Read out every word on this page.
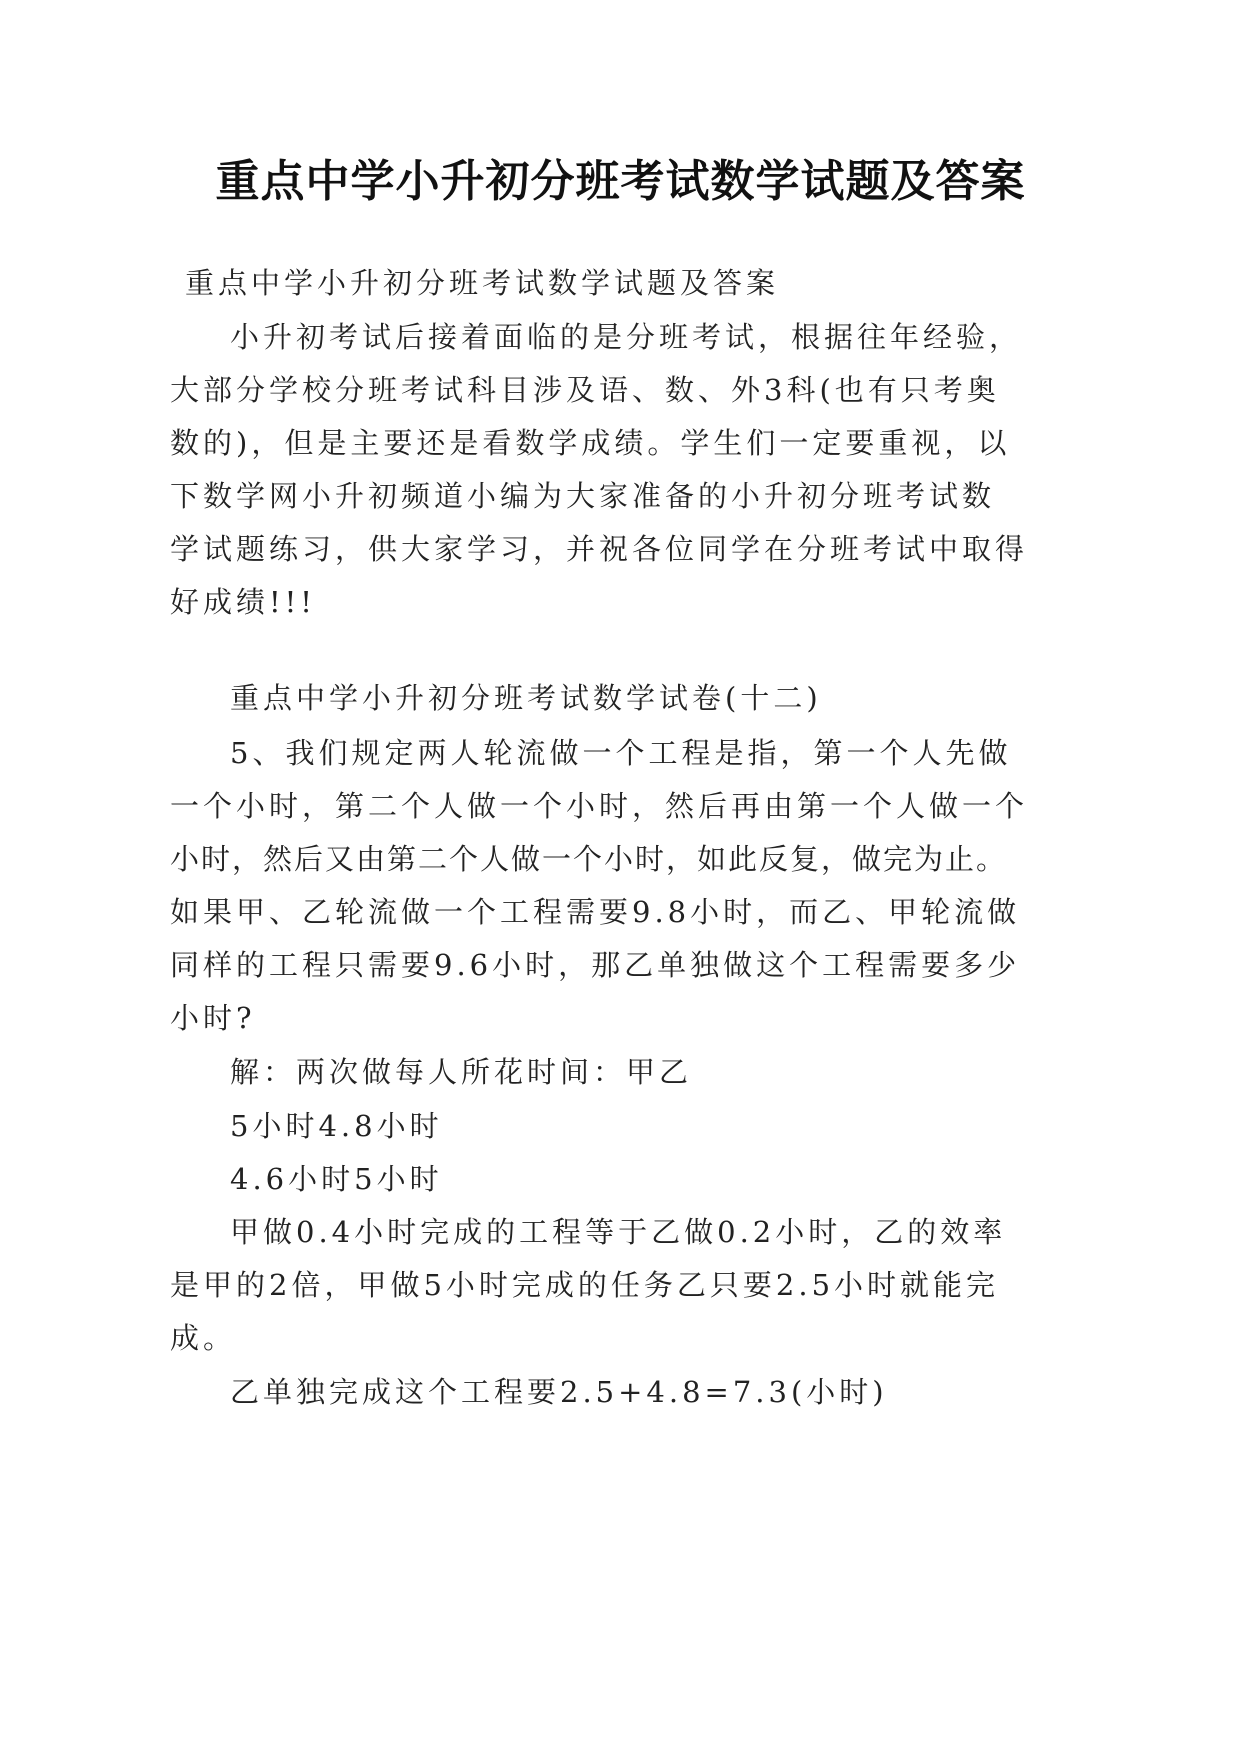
重点中学小升初分班考试数学试题及答案
重点中学小升初分班考试数学试题及答案
小升初考试后接着面临的是分班考试，根据往年经验，
大部分学校分班考试科目涉及语、数、外3科(也有只考奥
数的)，但是主要还是看数学成绩。学生们一定要重视，以
下数学网小升初频道小编为大家准备的小升初分班考试数
学试题练习，供大家学习，并祝各位同学在分班考试中取得
好成绩!!!
重点中学小升初分班考试数学试卷(十二)
5、我们规定两人轮流做一个工程是指，第一个人先做
一个小时，第二个人做一个小时，然后再由第一个人做一个
小时，然后又由第二个人做一个小时，如此反复，做完为止。
如果甲、乙轮流做一个工程需要9.8小时，而乙、甲轮流做
同样的工程只需要9.6小时，那乙单独做这个工程需要多少
小时?
解：两次做每人所花时间：甲乙
5小时4.8小时
4.6小时5小时
甲做0.4小时完成的工程等于乙做0.2小时，乙的效率
是甲的2倍，甲做5小时完成的任务乙只要2.5小时就能完
成。
乙单独完成这个工程要2.5+4.8=7.3(小时)
